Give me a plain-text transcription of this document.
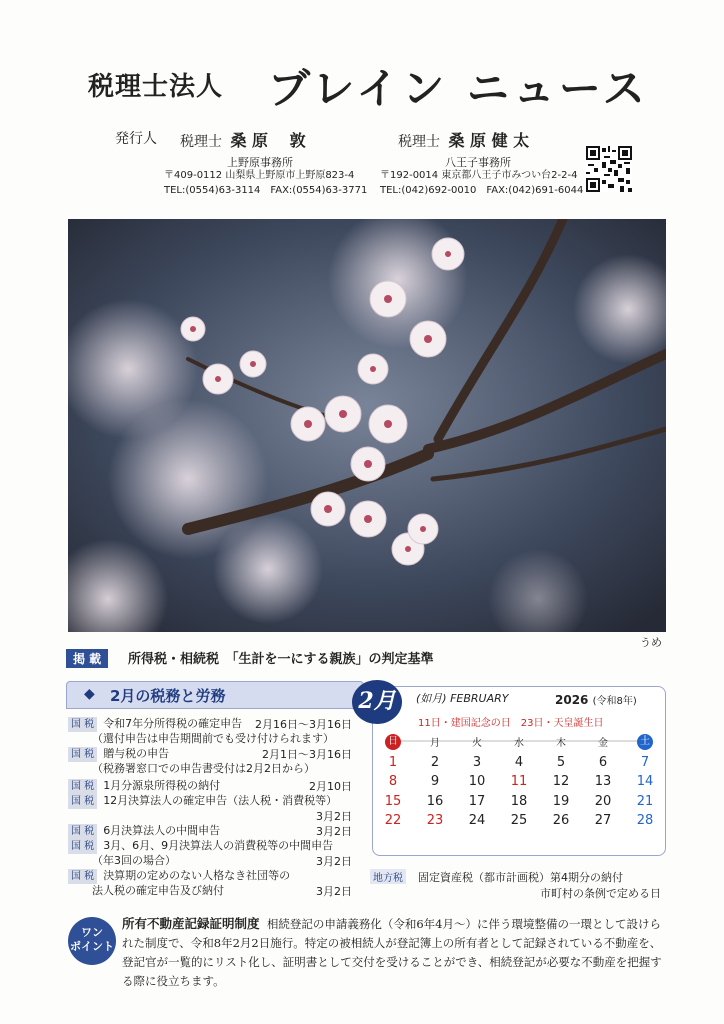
税理士法人 ブレイン ニュース
発行人 税理士 桑 原　 敦	税理士 桑 原 健 太
上野原事務所
〒409-0112 山梨県上野原市上野原823-4
TEL:(0554)63-3114　FAX:(0554)63-3771
八王子事務所
〒192-0014 東京都八王子市みつい台2-2-4
TEL:(042)692-0010　FAX:(042)691-6044
うめ
掲 載	所得税・相続税　「生計を一にする親族」の判定基準
◆ 2月の税務と労務
国 税 令和7年分所得税の確定申告	2月16日～3月16日
（還付申告は申告期間前でも受け付けられます）
国 税 贈与税の申告	2月1日～3月16日
（税務署窓口での申告書受付は2月2日から）
国 税 1月分源泉所得税の納付	2月10日
国 税 12月決算法人の確定申告（法人税・消費税等）
3月2日
国 税 6月決算法人の中間申告	3月2日
国 税 3月、6月、9月決算法人の消費税等の中間申告
（年3回の場合）	3月2日
国 税 決算期の定めのない人格なき社団等の
法人税の確定申告及び納付	3月2日
2月	(如月) FEBRUARY	2026 (令和8年)
11日・建国記念の日　23日・天皇誕生日
日	月	火	水	木	金	土
1	2	3	4	5	6	7
8	9	10	11	12	13	14
15	16	17	18	19	20	21
22	23	24	25	26	27	28
地方税 固定資産税（都市計画税）第4期分の納付
市町村の条例で定める日
ワン
ポイント
所有不動産記録証明制度 相続登記の申請義務化（令和6年4月～）に伴う環境整備の一環として設けられた制度で、令和8年2月2日施行。特定の被相続人が登記簿上の所有者として記録されている不動産を、登記官が一覧的にリスト化し、証明書として交付を受けることができ、相続登記が必要な不動産を把握する際に役立ちます。
